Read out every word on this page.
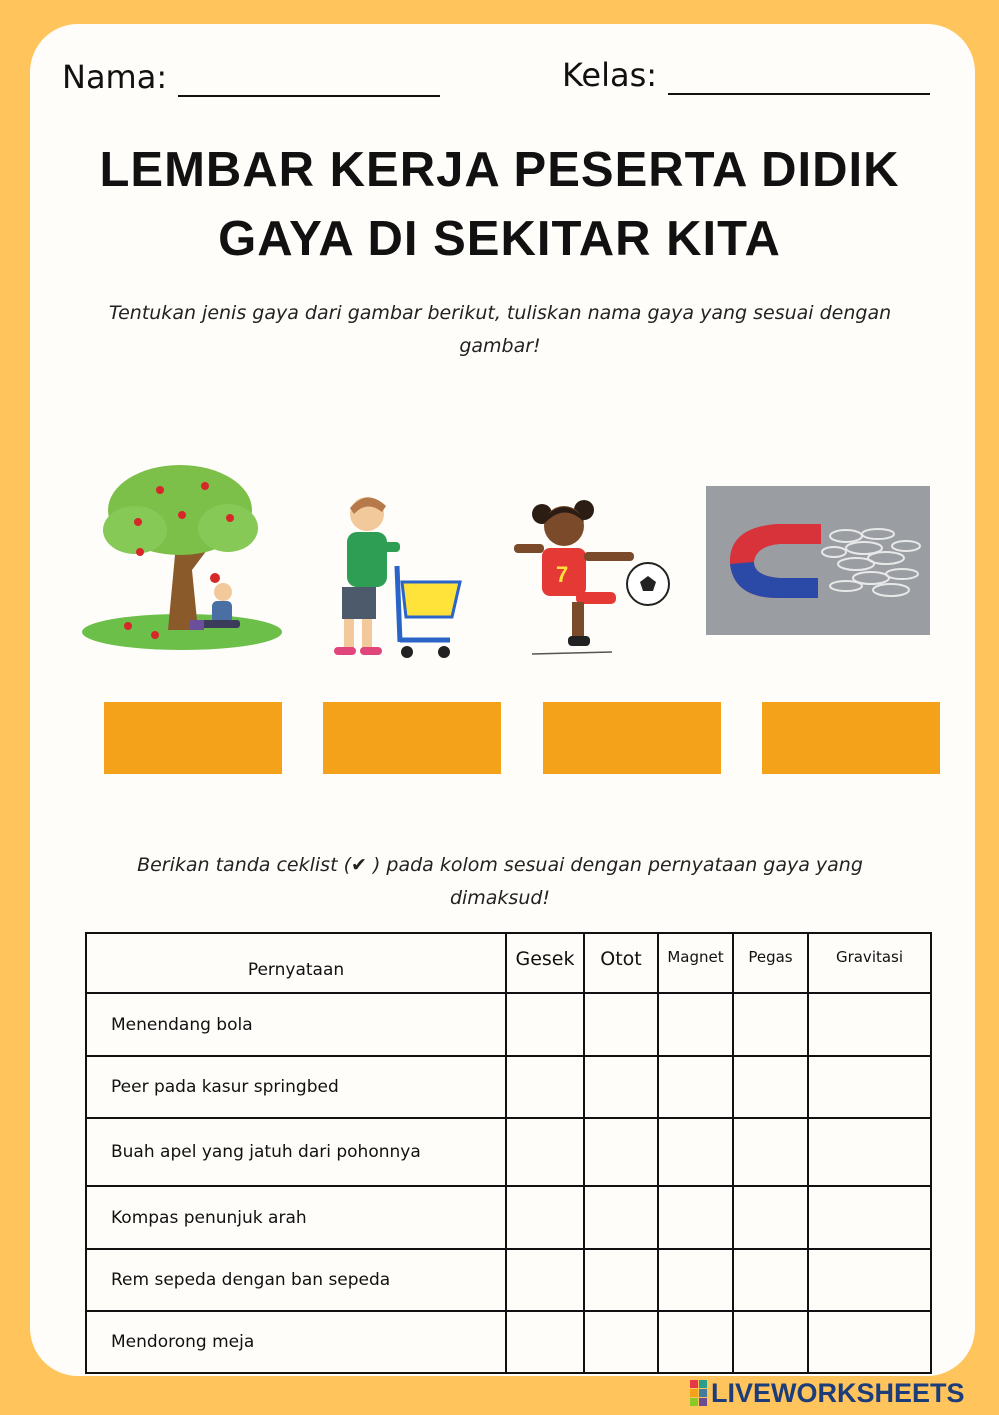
Nama:	Kelas:
LEMBAR KERJA PESERTA DIDIK
GAYA DI SEKITAR KITA
Tentukan jenis gaya dari gambar berikut, tuliskan nama gaya yang sesuai dengan
gambar!
7
Berikan tanda ceklist (✔ ) pada kolom sesuai dengan pernyataan gaya yang
dimaksud!
Pernyataan	Gesek	Otot	Magnet	Pegas	Gravitasi
Menendang bola					
Peer pada kasur springbed					
Buah apel yang jatuh dari pohonnya					
Kompas penunjuk arah					
Rem sepeda dengan ban sepeda					
Mendorong meja					
LIVEWORKSHEETS
